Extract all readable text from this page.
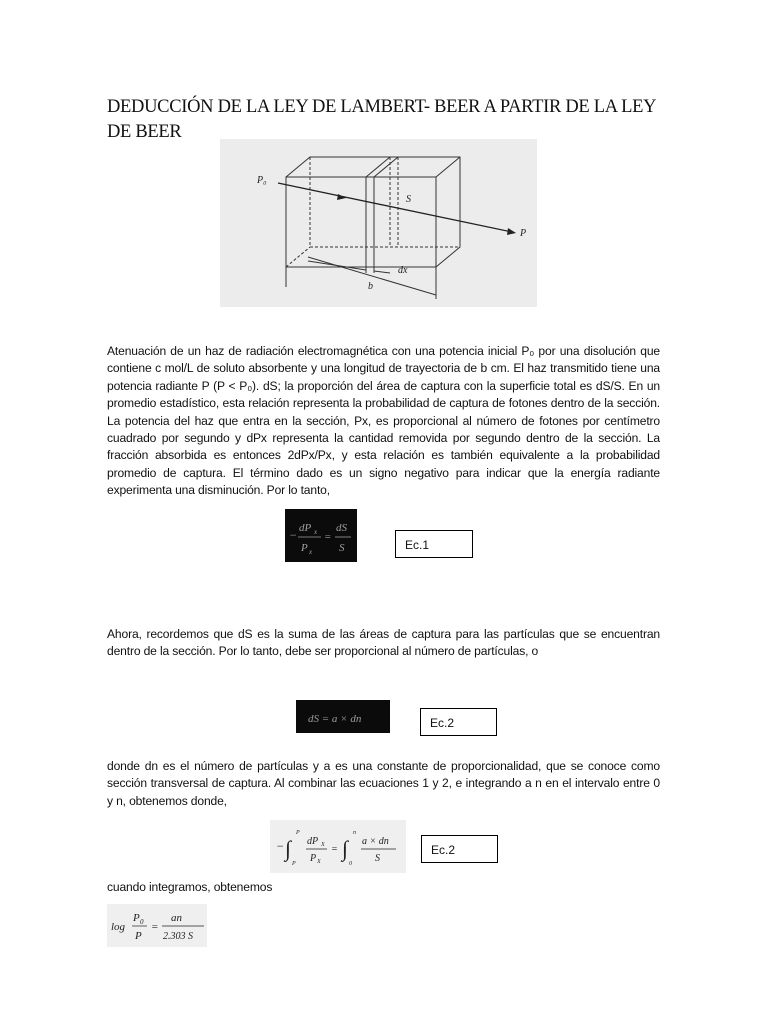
DEDUCCIÓN DE LA LEY DE LAMBERT- BEER A PARTIR DE LA LEY DE BEER
P₀
S
P
dx
b
Atenuación de un haz de radiación electromagnética con una potencia inicial P₀ por una disolución que contiene c mol/L de soluto absorbente y una longitud de trayectoria de b cm. El haz transmitido tiene una potencia radiante P (P < P₀). dS; la proporción del área de captura con la superficie total es dS/S. En un promedio estadístico, esta relación representa la probabilidad de captura de fotones dentro de la sección. La potencia del haz que entra en la sección, Px, es proporcional al número de fotones por centímetro cuadrado por segundo y dPx representa la cantidad removida por segundo dentro de la sección. La fracción absorbida es entonces 2dPx/Px, y esta relación es también equivalente a la probabilidad promedio de captura. El término dado es un signo negativo para indicar que la energía radiante experimenta una disminución. Por lo tanto,
− dP x
P x
=
dS
S	Ec.1
Ahora, recordemos que dS es la suma de las áreas de captura para las partículas que se encuentran dentro de la sección. Por lo tanto, debe ser proporcional al número de partículas, o
dS = a × dn	Ec.2
donde dn es el número de partículas y a es una constante de proporcionalidad, que se conoce como sección transversal de captura. Al combinar las ecuaciones 1 y 2, e integrando a n en el intervalo entre 0 y n, obtenemos donde,
− ∫
P
P
dP X
P X
= ∫
n
0
a × dn
S
Ec.2
cuando integramos, obtenemos
log
P 0
P
=
an
2.303 S
